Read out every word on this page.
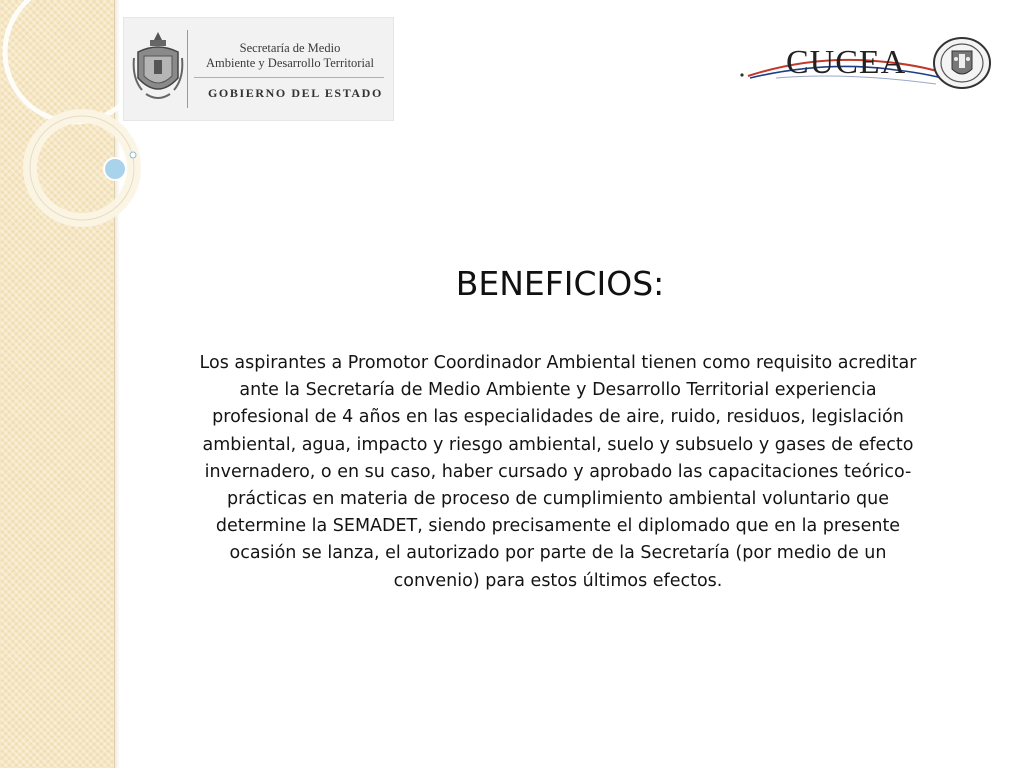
Secretaría de Medio
Ambiente y Desarrollo Territorial
GOBIERNO DEL ESTADO
CUCEA
BENEFICIOS:
Los aspirantes a Promotor Coordinador Ambiental tienen como requisito acreditar ante la Secretaría de Medio Ambiente y Desarrollo Territorial experiencia profesional de 4 años en las especialidades de aire, ruido, residuos, legislación ambiental, agua, impacto y riesgo ambiental, suelo y subsuelo y gases de efecto invernadero, o en su caso, haber cursado y aprobado las capacitaciones teórico-prácticas en materia de proceso de cumplimiento ambiental voluntario que determine la SEMADET, siendo precisamente el diplomado que en la presente ocasión se lanza, el autorizado por parte de la Secretaría (por medio de un convenio) para estos últimos efectos.
